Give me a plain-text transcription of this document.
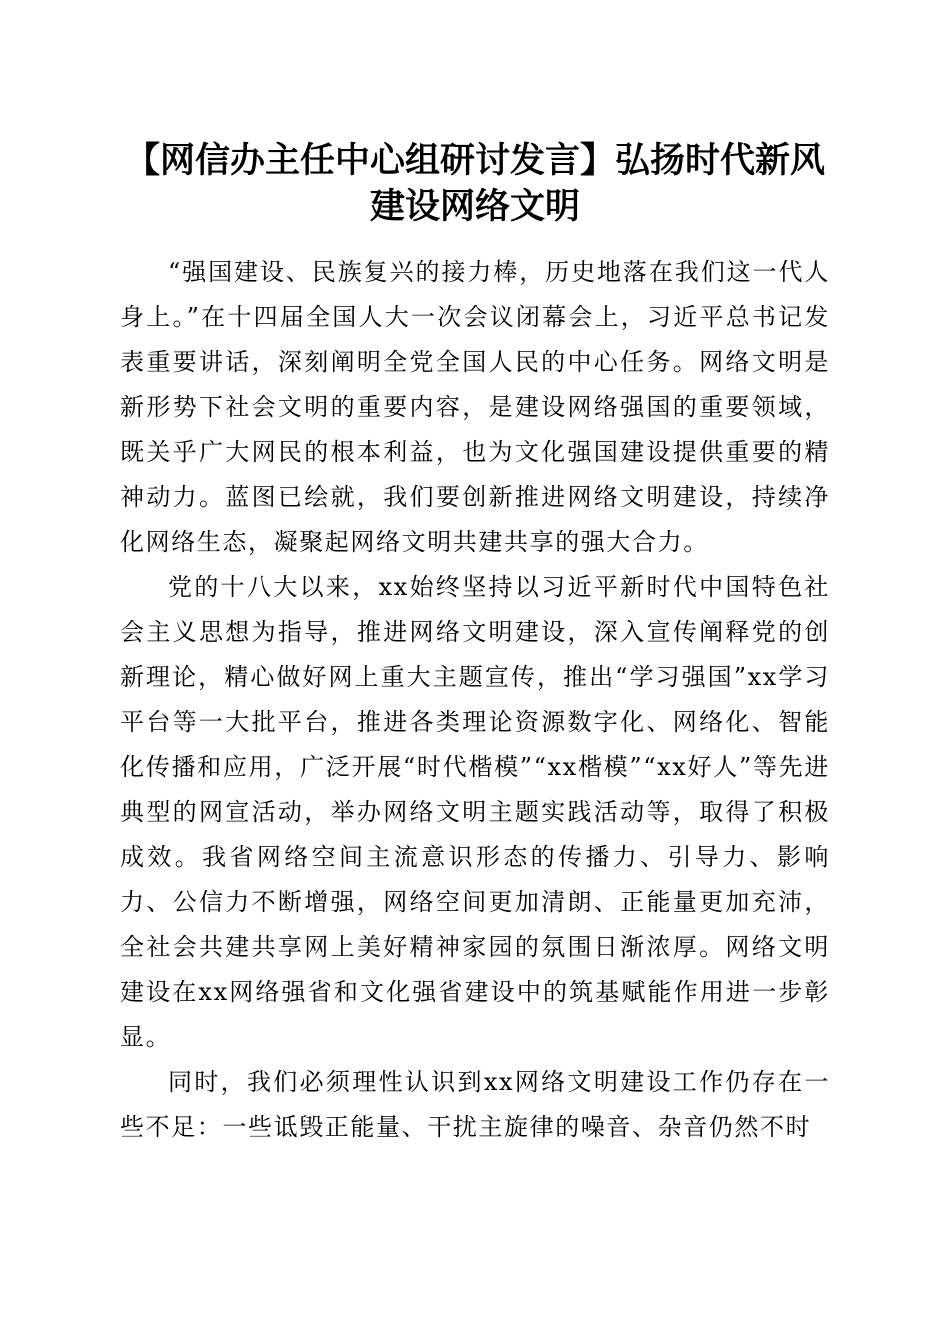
【网信办主任中心组研讨发言】弘扬时代新风
建设网络文明

“强国建设、民族复兴的接力棒，历史地落在我们这一代人身上。”在十四届全国人大一次会议闭幕会上，习近平总书记发表重要讲话，深刻阐明全党全国人民的中心任务。网络文明是新形势下社会文明的重要内容，是建设网络强国的重要领域，既关乎广大网民的根本利益，也为文化强国建设提供重要的精神动力。蓝图已绘就，我们要创新推进网络文明建设，持续净化网络生态，凝聚起网络文明共建共享的强大合力。

党的十八大以来，xx始终坚持以习近平新时代中国特色社会主义思想为指导，推进网络文明建设，深入宣传阐释党的创新理论，精心做好网上重大主题宣传，推出“学习强国”xx学习平台等一大批平台，推进各类理论资源数字化、网络化、智能化传播和应用，广泛开展“时代楷模”“xx楷模”“xx好人”等先进典型的网宣活动，举办网络文明主题实践活动等，取得了积极成效。我省网络空间主流意识形态的传播力、引导力、影响力、公信力不断增强，网络空间更加清朗、正能量更加充沛，全社会共建共享网上美好精神家园的氛围日渐浓厚。网络文明建设在xx网络强省和文化强省建设中的筑基赋能作用进一步彰显。

同时，我们必须理性认识到xx网络文明建设工作仍存在一些不足：一些诋毁正能量、干扰主旋律的噪音、杂音仍然不时
